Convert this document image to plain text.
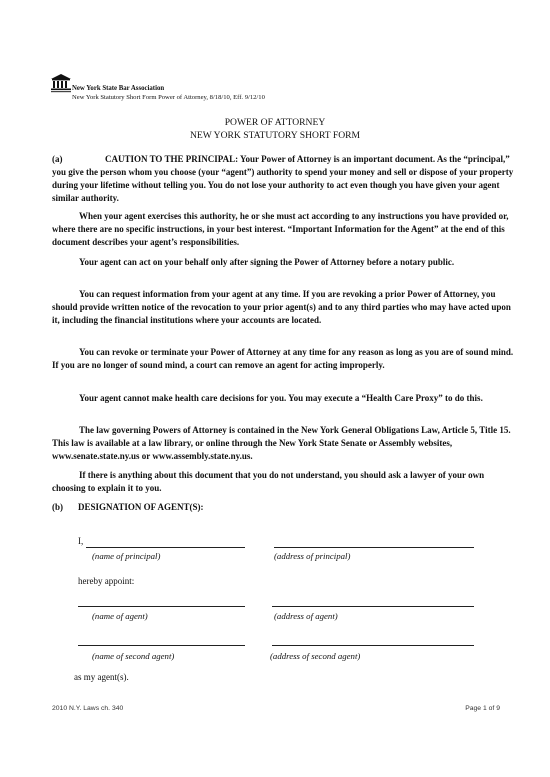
New York State Bar Association
New York Statutory Short Form Power of Attorney, 8/18/10, Eff. 9/12/10
POWER OF ATTORNEY
NEW YORK STATUTORY SHORT FORM
(a)	CAUTION TO THE PRINCIPAL: Your Power of Attorney is an important document. As the “principal,” you give the person whom you choose (your “agent”) authority to spend your money and sell or dispose of your property during your lifetime without telling you. You do not lose your authority to act even though you have given your agent similar authority.
When your agent exercises this authority, he or she must act according to any instructions you have provided or, where there are no specific instructions, in your best interest. “Important Information for the Agent” at the end of this document describes your agent’s responsibilities.
Your agent can act on your behalf only after signing the Power of Attorney before a notary public.
You can request information from your agent at any time. If you are revoking a prior Power of Attorney, you should provide written notice of the revocation to your prior agent(s) and to any third parties who may have acted upon it, including the financial institutions where your accounts are located.
You can revoke or terminate your Power of Attorney at any time for any reason as long as you are of sound mind. If you are no longer of sound mind, a court can remove an agent for acting improperly.
Your agent cannot make health care decisions for you. You may execute a “Health Care Proxy” to do this.
The law governing Powers of Attorney is contained in the New York General Obligations Law, Article 5, Title 15. This law is available at a law library, or online through the New York State Senate or Assembly websites, www.senate.state.ny.us or www.assembly.state.ny.us.
If there is anything about this document that you do not understand, you should ask a lawyer of your own choosing to explain it to you.
(b) DESIGNATION OF AGENT(S):
I,
(name of principal)	(address of principal)
hereby appoint:
(name of agent)	(address of agent)
(name of second agent)	(address of second agent)
as my agent(s).
2010 N.Y. Laws ch. 340	Page 1 of 9
